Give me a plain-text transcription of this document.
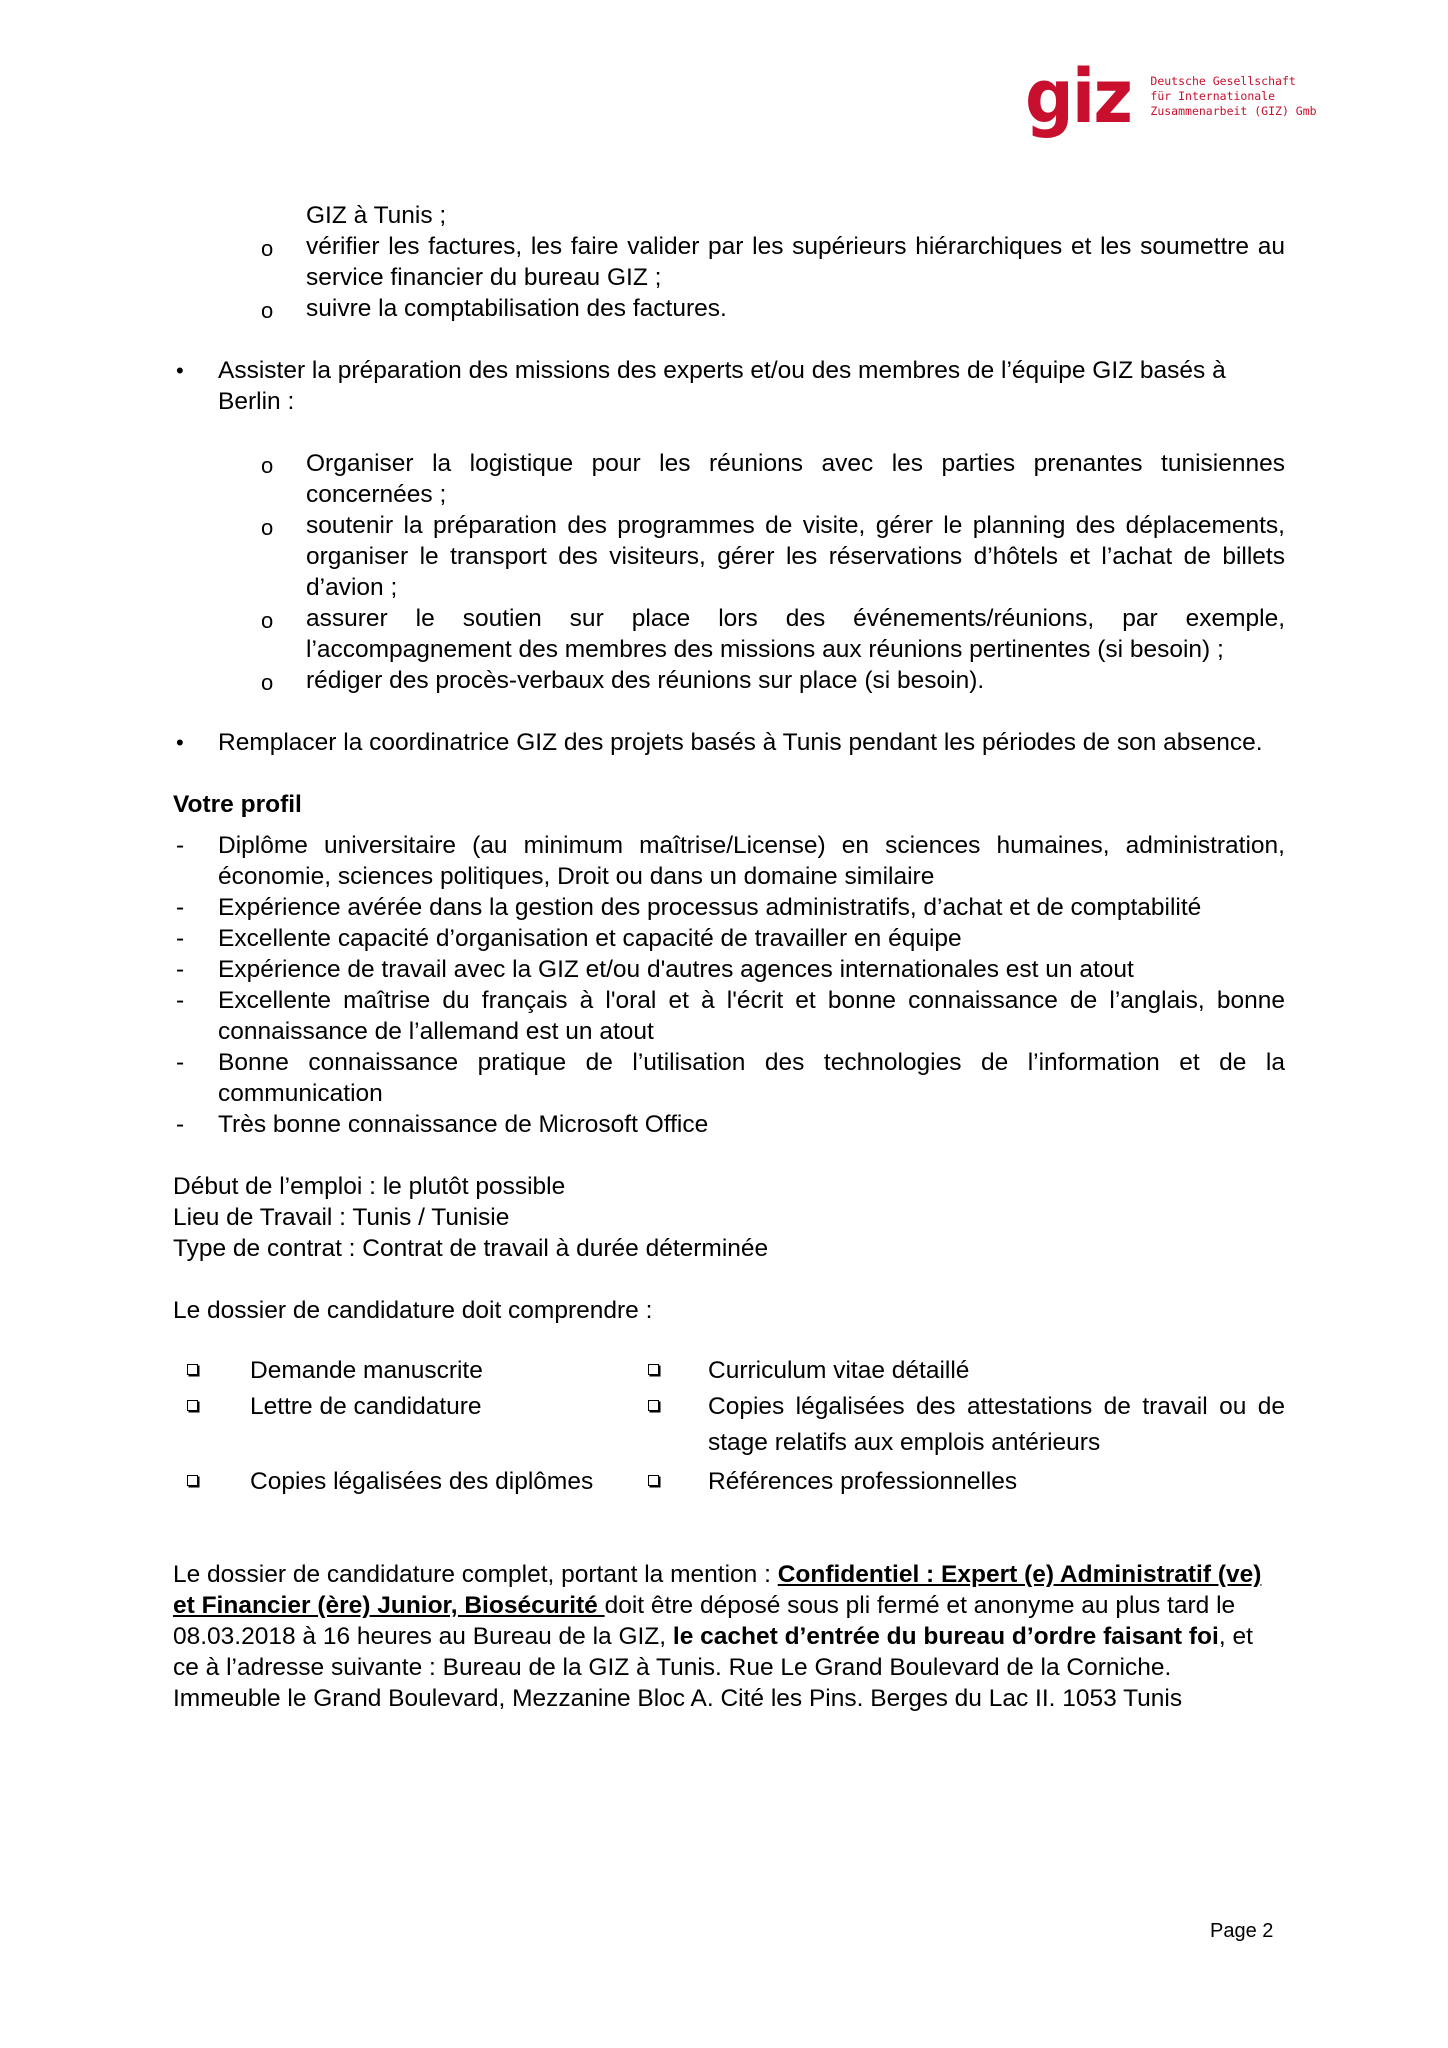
giz Deutsche Gesellschaft
für Internationale
Zusammenarbeit (GIZ) Gmb
GIZ à Tunis ;
o vérifier les factures, les faire valider par les supérieurs hiérarchiques et les soumettre au service financier du bureau GIZ ;
o suivre la comptabilisation des factures.
• Assister la préparation des missions des experts et/ou des membres de l’équipe GIZ basés à Berlin :
o Organiser la logistique pour les réunions avec les parties prenantes tunisiennes concernées ;
o soutenir la préparation des programmes de visite, gérer le planning des déplacements, organiser le transport des visiteurs, gérer les réservations d’hôtels et l’achat de billets d’avion ;
o assurer le soutien sur place lors des événements/réunions, par exemple, l’accompagnement des membres des missions aux réunions pertinentes (si besoin) ;
o rédiger des procès-verbaux des réunions sur place (si besoin).
• Remplacer la coordinatrice GIZ des projets basés à Tunis pendant les périodes de son absence.
Votre profil
- Diplôme universitaire (au minimum maîtrise/License) en sciences humaines, administration, économie, sciences politiques, Droit ou dans un domaine similaire
- Expérience avérée dans la gestion des processus administratifs, d’achat et de comptabilité
- Excellente capacité d’organisation et capacité de travailler en équipe
- Expérience de travail avec la GIZ et/ou d'autres agences internationales est un atout
- Excellente maîtrise du français à l'oral et à l'écrit et bonne connaissance de l’anglais, bonne connaissance de l’allemand est un atout
- Bonne connaissance pratique de l’utilisation des technologies de l’information et de la communication
- Très bonne connaissance de Microsoft Office
Début de l’emploi : le plutôt possible
Lieu de Travail : Tunis / Tunisie
Type de contrat : Contrat de travail à durée déterminée
Le dossier de candidature doit comprendre :
Demande manuscrite	Curriculum vitae détaillé
Lettre de candidature	Copies légalisées des attestations de travail ou de stage relatifs aux emplois antérieurs
Copies légalisées des diplômes	Références professionnelles
Le dossier de candidature complet, portant la mention : Confidentiel : Expert (e) Administratif (ve) et Financier (ère) Junior, Biosécurité doit être déposé sous pli fermé et anonyme au plus tard le 08.03.2018 à 16 heures au Bureau de la GIZ, le cachet d’entrée du bureau d’ordre faisant foi, et ce à l’adresse suivante : Bureau de la GIZ à Tunis. Rue Le Grand Boulevard de la Corniche. Immeuble le Grand Boulevard, Mezzanine Bloc A. Cité les Pins. Berges du Lac II. 1053 Tunis
Page 2
